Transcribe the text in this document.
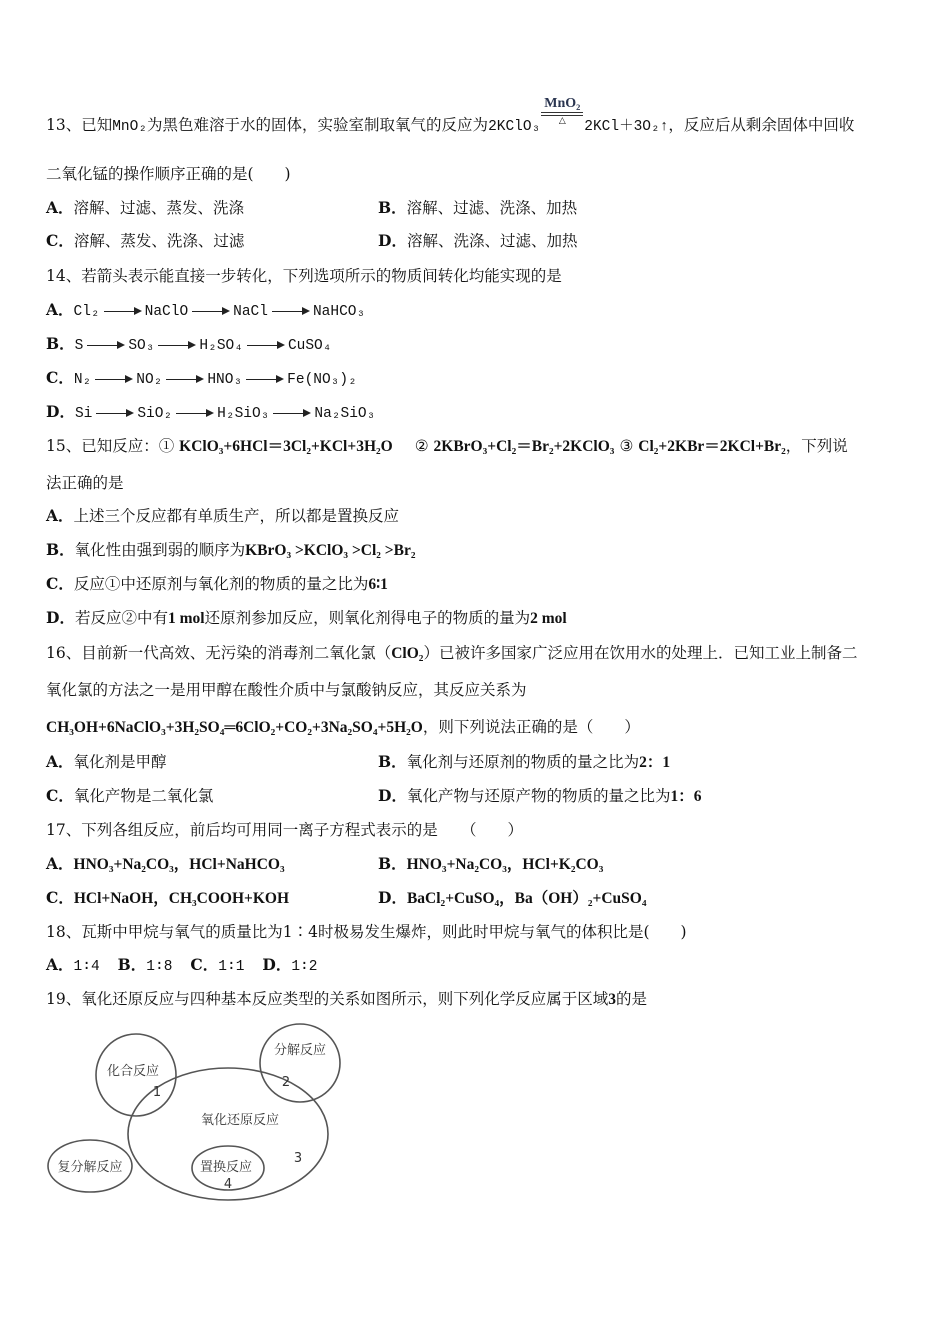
13、已知MnO₂为黑色难溶于水的固体，实验室制取氧气的反应为2KClO₃
MnO₂
△	2KCl＋3O₂↑，反应后从剩余固体中回收
二氧化锰的操作顺序正确的是(　　)
A．溶解、过滤、蒸发、洗涤	B．溶解、过滤、洗涤、加热
C．溶解、蒸发、洗涤、过滤	D．溶解、洗涤、过滤、加热
14、若箭头表示能直接一步转化，下列选项所示的物质间转化均能实现的是
A．Cl₂	NaClO	NaCl	NaHCO₃
B．S	SO₃	H₂SO₄	CuSO₄
C．N₂	NO₂	HNO₃	Fe(NO₃)₂
D．Si	SiO₂	H₂SiO₃	Na₂SiO₃
15、已知反应：① KClO₃+6HCl＝3Cl₂+KCl+3H₂O ② 2KBrO₃+Cl₂＝Br₂+2KClO₃ ③ Cl₂+2KBr＝2KCl+Br₂，下列说
法正确的是
A．上述三个反应都有单质生产，所以都是置换反应
B．氧化性由强到弱的顺序为KBrO₃ >KClO₃ >Cl₂ >Br₂
C．反应①中还原剂与氧化剂的物质的量之比为6∶1
D．若反应②中有1 mol还原剂参加反应，则氧化剂得电子的物质的量为2 mol
16、目前新一代高效、无污染的消毒剂二氧化氯（ClO₂）已被许多国家广泛应用在饮用水的处理上．已知工业上制备二
氧化氯的方法之一是用甲醇在酸性介质中与氯酸钠反应，其反应关系为
CH₃OH+6NaClO₃+3H₂SO₄═6ClO₂+CO₂+3Na₂SO₄+5H₂O，则下列说法正确的是（　　）
A．氧化剂是甲醇	B．氧化剂与还原剂的物质的量之比为2：1
C．氧化产物是二氧化氯	D．氧化产物与还原产物的物质的量之比为1：6
17、下列各组反应，前后均可用同一离子方程式表示的是　　（　　）
A．HNO₃+Na₂CO₃，HCl+NaHCO₃	B．HNO₃+Na₂CO₃，HCl+K₂CO₃
C．HCl+NaOH，CH₃COOH+KOH	D．BaCl₂+CuSO₄，Ba（OH）₂+CuSO₄
18、瓦斯中甲烷与氧气的质量比为1∶4时极易发生爆炸，则此时甲烷与氧气的体积比是(　　)
A．1∶4 B．1∶8 C．1∶1 D．1∶2
19、氧化还原反应与四种基本反应类型的关系如图所示，则下列化学反应属于区域3的是
化合反应
1
分解反应
2
氧化还原反应
3
复分解反应	置换反应
4
